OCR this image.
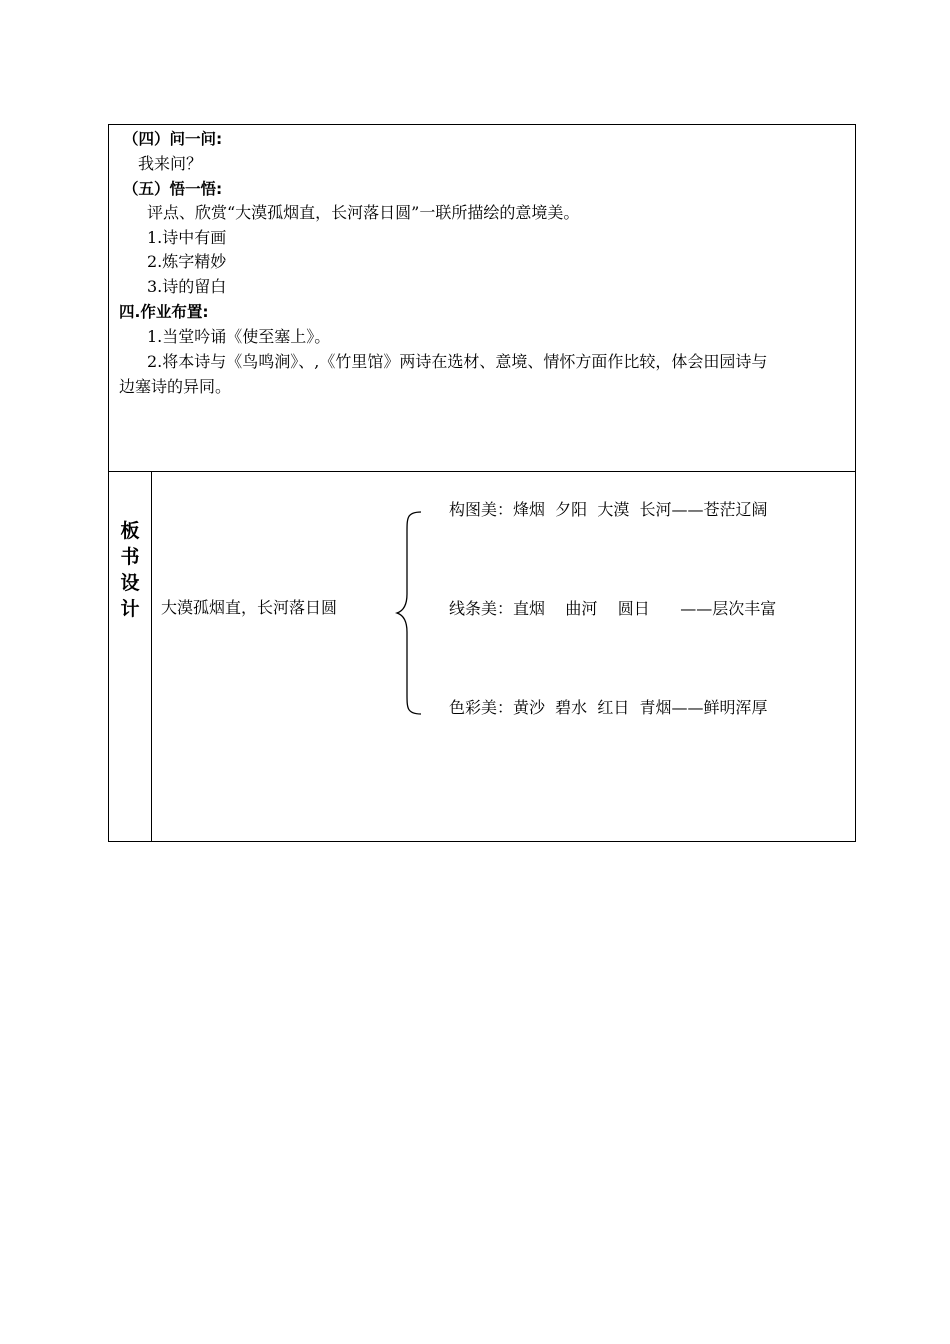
（四）问一问:
我来问？
（五）悟一悟:
评点、欣赏“大漠孤烟直，长河落日圆”一联所描绘的意境美。
1.诗中有画
2.炼字精妙
3.诗的留白
四.作业布置:
1.当堂吟诵《使至塞上》。
2.将本诗与《鸟鸣涧》、,《竹里馆》两诗在选材、意境、情怀方面作比较，体会田园诗与
边塞诗的异同。
板
书
设
计	大漠孤烟直，长河落日圆
构图美：烽烟  夕阳  大漠  长河——苍茫辽阔
线条美：直烟    曲河    圆日      ——层次丰富
色彩美：黄沙  碧水  红日  青烟——鲜明浑厚
